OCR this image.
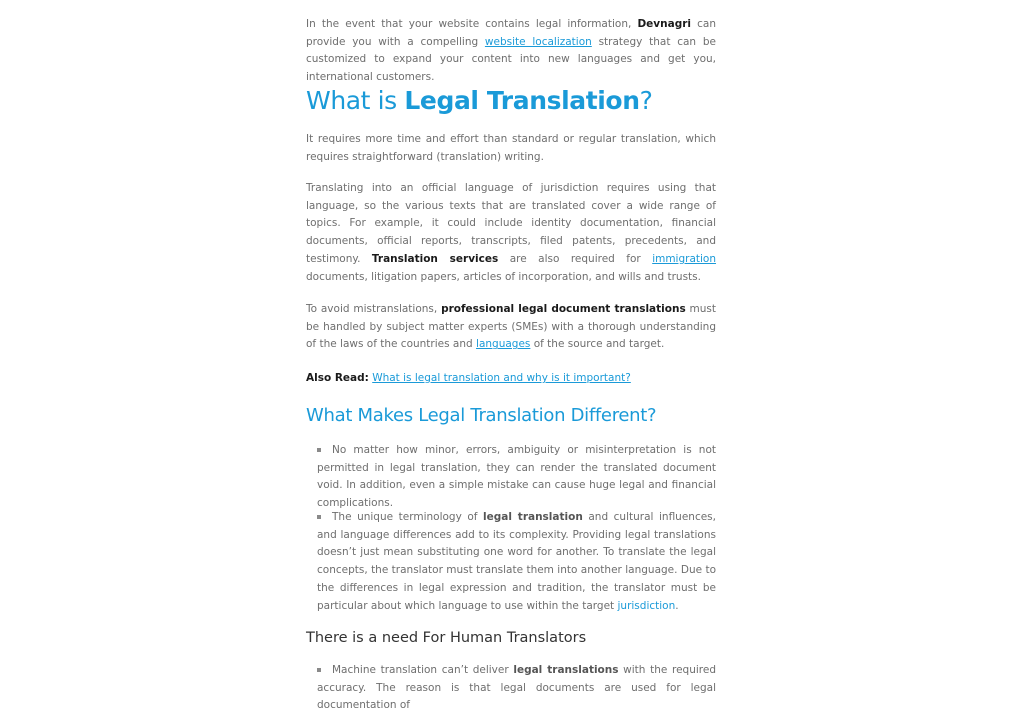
In the event that your website contains legal information, Devnagri can provide you with a compelling website localization strategy that can be customized to expand your content into new languages and get you, international customers.

What is Legal Translation?

It requires more time and effort than standard or regular translation, which requires straightforward (translation) writing.

Translating into an official language of jurisdiction requires using that language, so the various texts that are translated cover a wide range of topics. For example, it could include identity documentation, financial documents, official reports, transcripts, filed patents, precedents, and testimony. Translation services are also required for immigration documents, litigation papers, articles of incorporation, and wills and trusts.

To avoid mistranslations, professional legal document translations must be handled by subject matter experts (SMEs) with a thorough understanding of the laws of the countries and languages of the source and target.

Also Read: What is legal translation and why is it important?

What Makes Legal Translation Different?

No matter how minor, errors, ambiguity or misinterpretation is not permitted in legal translation, they can render the translated document void. In addition, even a simple mistake can cause huge legal and financial complications.

The unique terminology of legal translation and cultural influences, and language differences add to its complexity. Providing legal translations doesn’t just mean substituting one word for another. To translate the legal concepts, the translator must translate them into another language. Due to the differences in legal expression and tradition, the translator must be particular about which language to use within the target jurisdiction.

There is a need For Human Translators

Machine translation can’t deliver legal translations with the required accuracy. The reason is that legal documents are used for legal documentation of
